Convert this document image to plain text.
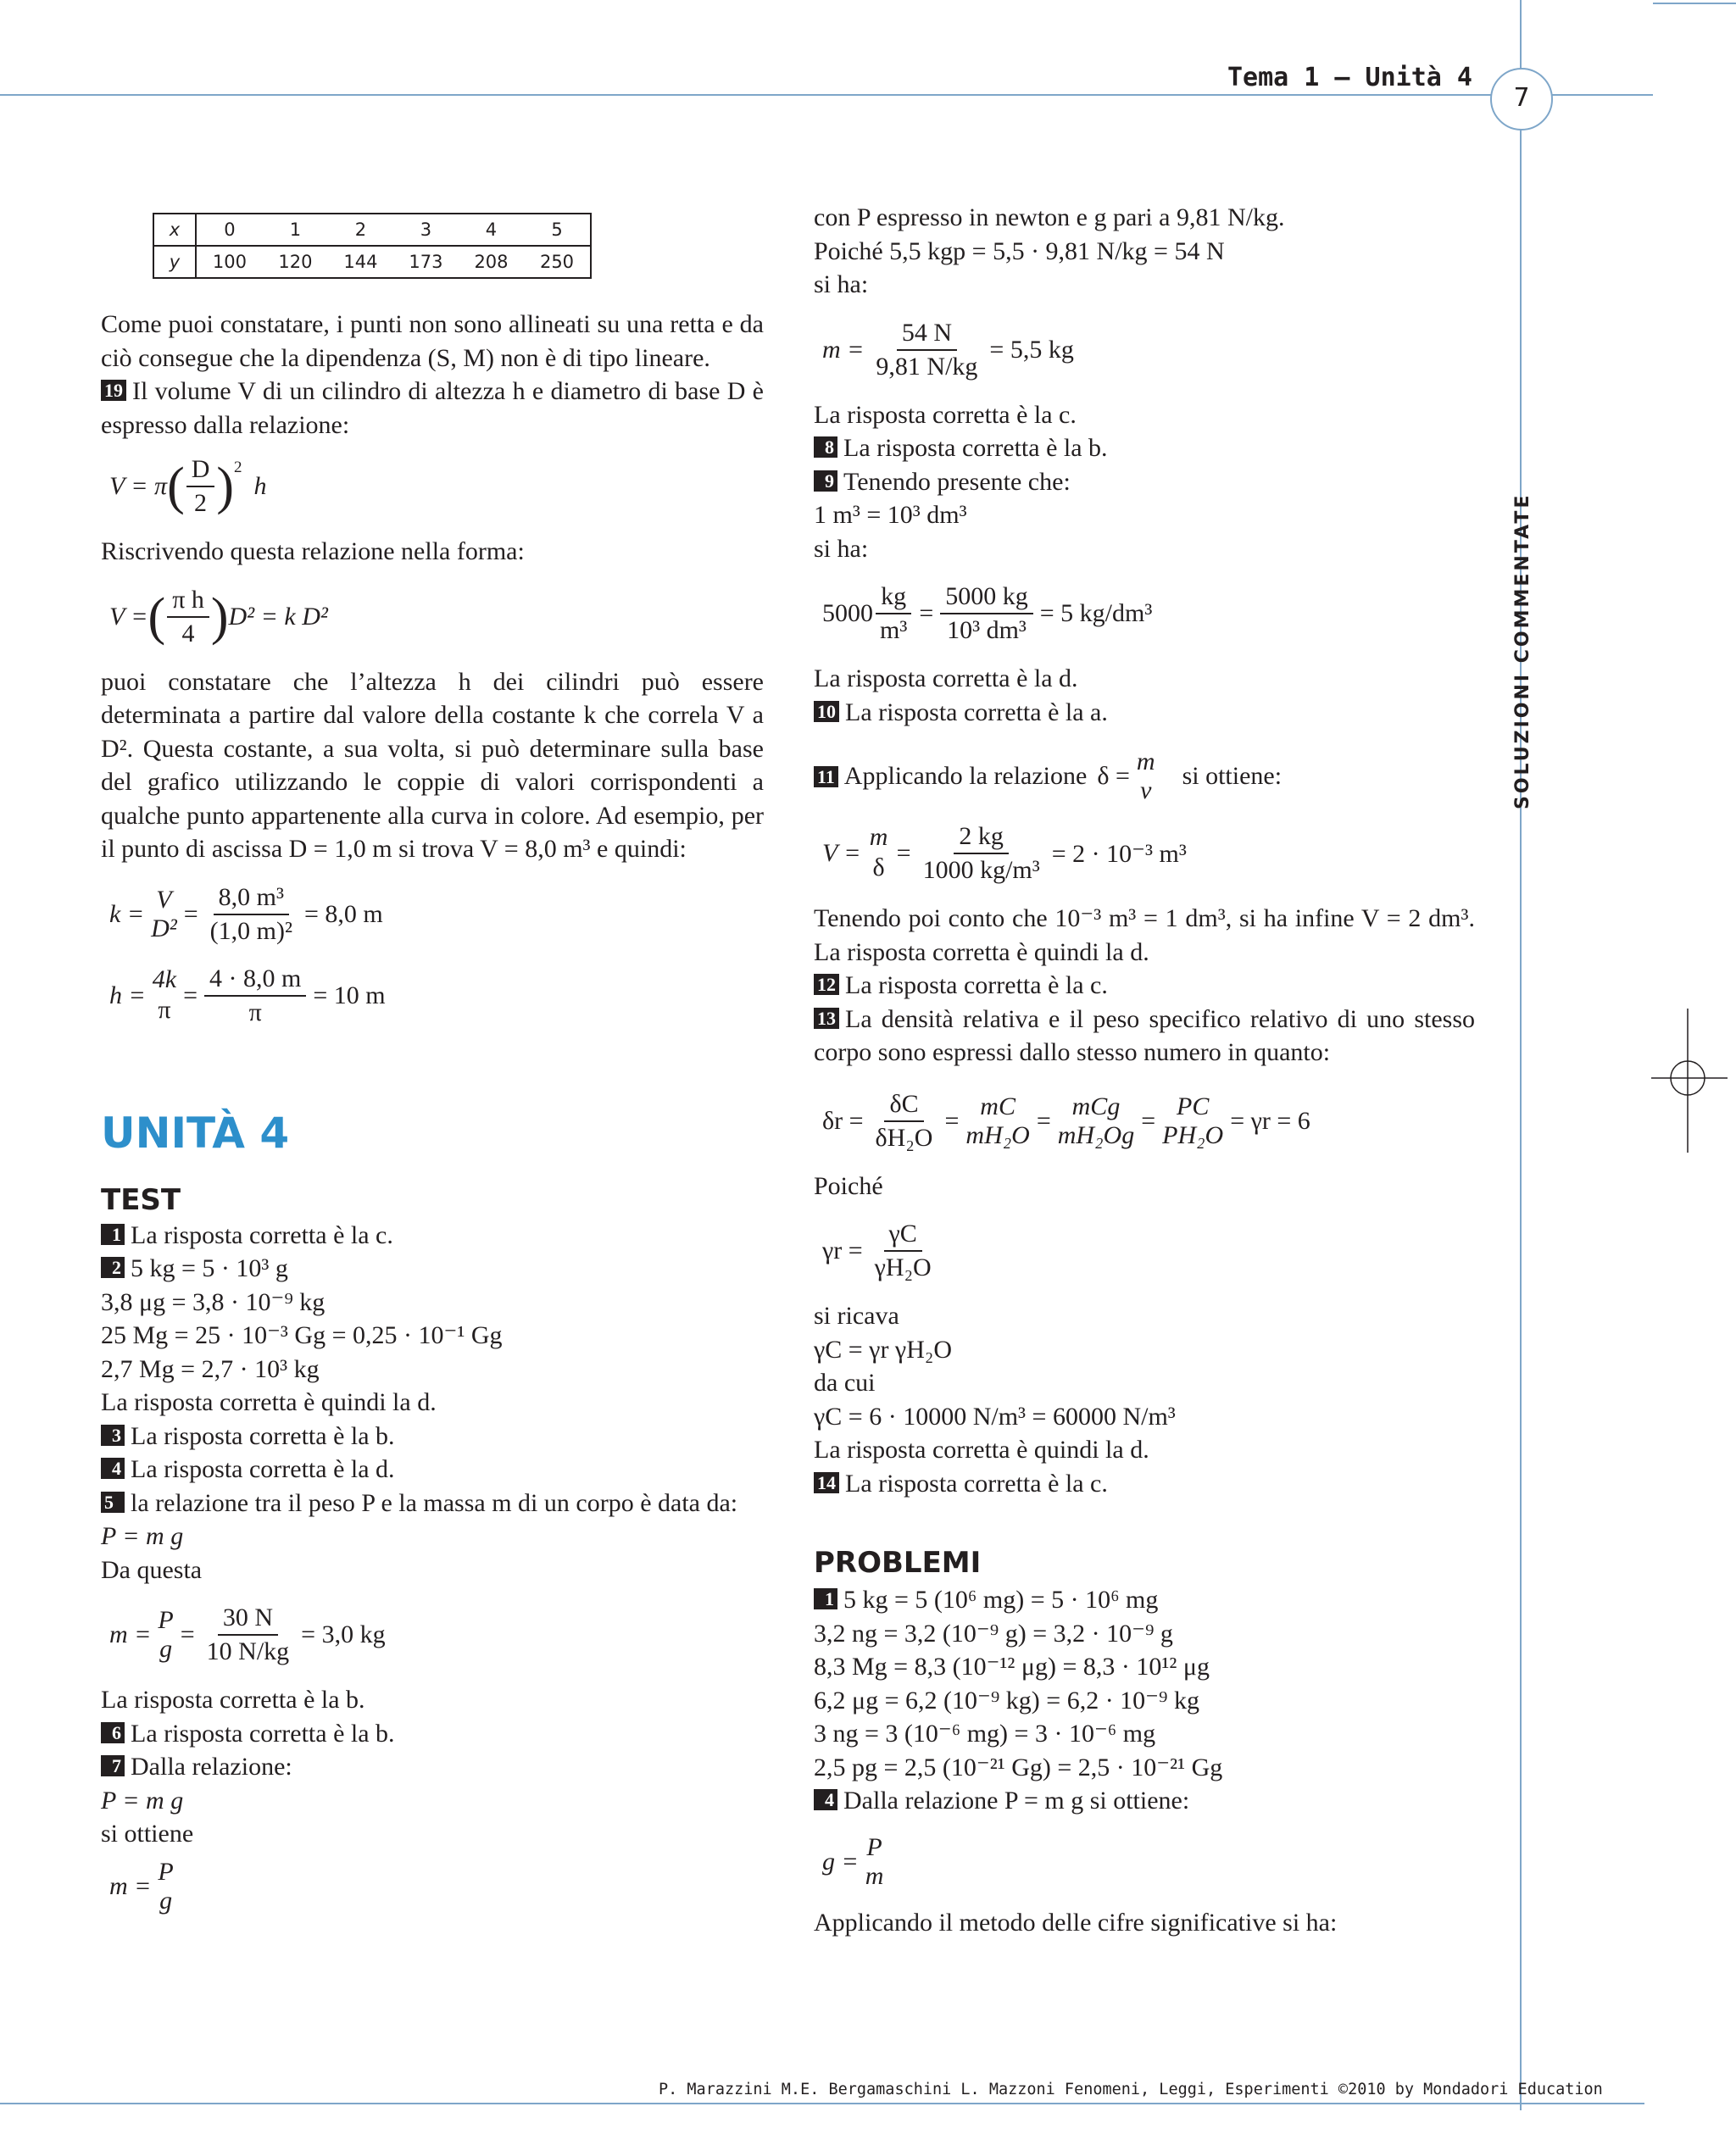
Tema 1 – Unità 4
7
SOLUZIONI COMMENTATE
P. Marazzini M.E. Bergamaschini L. Mazzoni Fenomeni, Leggi, Esperimenti ©2010 by Mondadori Education
x	0	1	2	3	4	5
y	100	120	144	173	208	250

Come puoi constatare, i punti non sono allineati su una retta e da ciò consegue che la dipendenza (S, M) non è di tipo lineare.

19 Il volume V di un cilindro di altezza h e diametro di base D è espresso dalla relazione:

V = π ( $\frac{D}{2} )^2$
h

Riscrivendo questa relazione nella forma:

V = ( $\frac{\text{π h}}{4}$ ) D² = k D²

puoi constatare che l’altezza h dei cilindri può essere determinata a partire dal valore della costante k che correla V a D². Questa costante, a sua volta, si può determinare sulla base del grafico utilizzando le coppie di valori corrispondenti a qualche punto appartenente alla curva in colore. Ad esempio, per il punto di ascissa D = 1,0 m si trova V = 8,0 m³ e quindi:

k =
V
D²
= $\frac{\text{8,0 m³}}{\text{(1,0 m)²}} = 8,0$ m
h =
4k
π
= $\frac{4 \cdot 8,0 m}{\pi} = 10$ m
UNITÀ 4
TEST

1 La risposta corretta è la c.

2 5 kg = 5 · 10³ g

3,8 μg = 3,8 · 10⁻⁹ kg

25 Mg = 25 · 10⁻³ Gg = 0,25 · 10⁻¹ Gg

2,7 Mg = 2,7 · 10³ kg

La risposta corretta è quindi la d.

3 La risposta corretta è la b.

4 La risposta corretta è la d.

5 la relazione tra il peso P e la massa m di un corpo è data da:

P = m g

Da questa

m =
P
g
= $\frac{30 N}{10 N/kg} = 3,0$ kg

La risposta corretta è la b.

6 La risposta corretta è la b.

7 Dalla relazione:

P = m g

si ottiene

m =
P
g

con P espresso in newton e g pari a 9,81 N/kg.

Poiché 5,5 kgp = 5,5 · 9,81 N/kg = 54 N

si ha:

$m = \frac{54 N}{9,81 N/kg} = 5,5$ kg

La risposta corretta è la c.

8 La risposta corretta è la b.

9 Tenendo presente che:

1 m³ = 10³ dm³

si ha:

$5000 \frac{kg}{\text{m³}} = \frac{5000 kg}{\text{10³ dm³}} = 5$ kg/dm³

La risposta corretta è la d.

10 La risposta corretta è la a.

11 Applicando la relazione δ =
m
v
si ottiene:
V =
m
δ
= $\frac{2 kg}{\text{1000 kg/m³}} = 2 \cdot 10^{-3}$ m³

Tenendo poi conto che 10⁻³ m³ = 1 dm³, si ha infine V = 2 dm³. La risposta corretta è quindi la d.

12 La risposta corretta è la c.

13 La densità relativa e il peso specifico relativo di uno stesso corpo sono espressi dallo stesso numero in quanto:

$\delta r = \frac{\delta C}{\text{δH₂O}}$ =
mC
mH₂O
=
mCg
mH₂Og
=
PC
PH₂O
= γr = 6

Poiché

$\gamma r = \frac{\gamma C}{\text{γH₂O}}$

si ricava

γC = γr γH₂O

da cui

γC = 6 · 10000 N/m³ = 60000 N/m³

La risposta corretta è quindi la d.

14 La risposta corretta è la c.

PROBLEMI

1 5 kg = 5 (10⁶ mg) = 5 · 10⁶ mg

3,2 ng = 3,2 (10⁻⁹ g) = 3,2 · 10⁻⁹ g

8,3 Mg = 8,3 (10⁻¹² μg) = 8,3 · 10¹² μg

6,2 μg = 6,2 (10⁻⁹ kg) = 6,2 · 10⁻⁹ kg

3 ng = 3 (10⁻⁶ mg) = 3 · 10⁻⁶ mg

2,5 pg = 2,5 (10⁻²¹ Gg) = 2,5 · 10⁻²¹ Gg

4 Dalla relazione P = m g si ottiene:

g =
P
m

Applicando il metodo delle cifre significative si ha:
